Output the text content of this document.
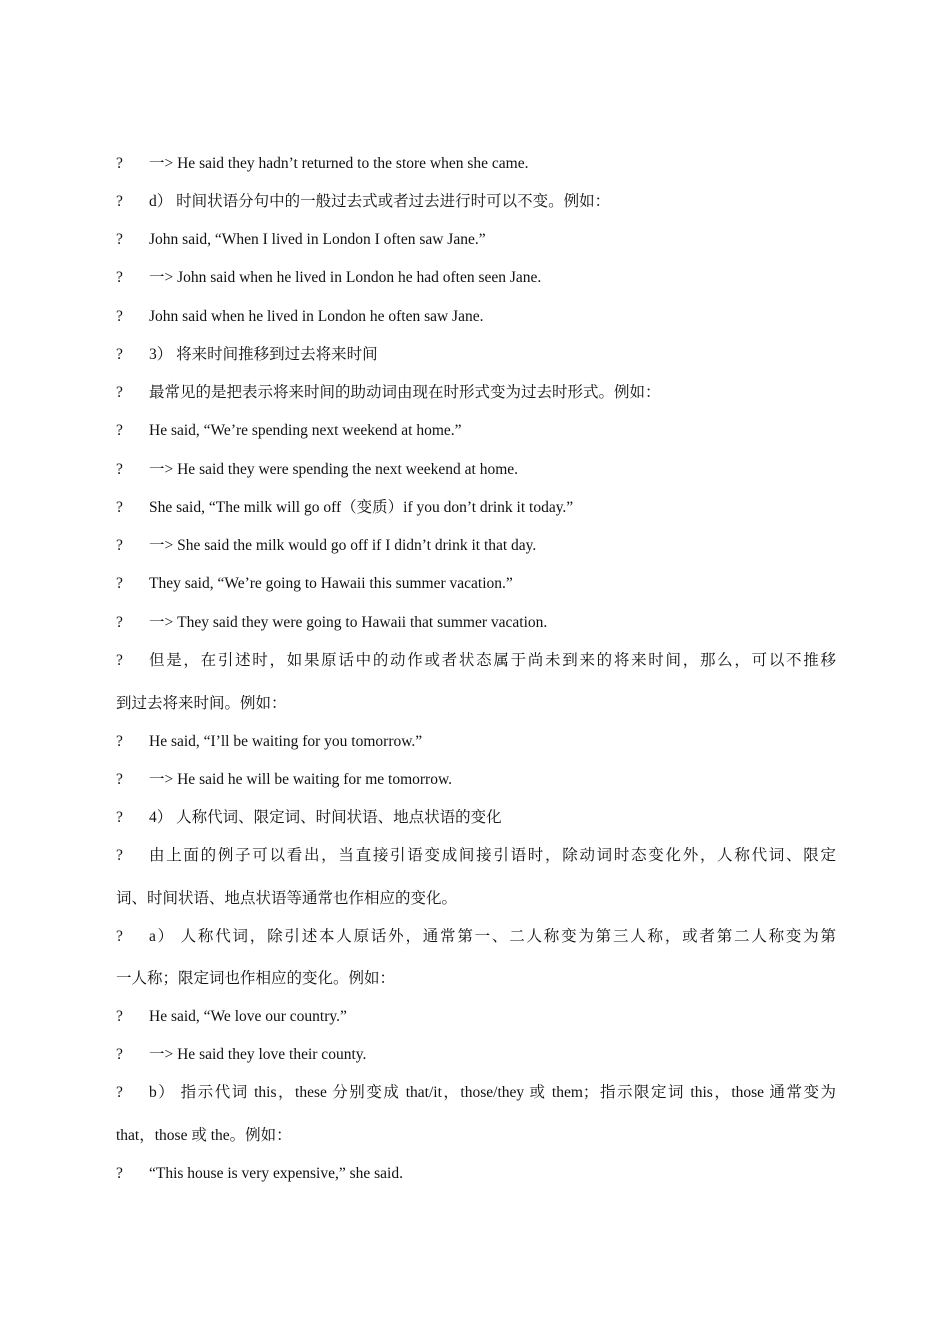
? 一> He said they hadn’t returned to the store when she came.
? d） 时间状语分句中的一般过去式或者过去进行时可以不变。例如：
? John said, “When I lived in London I often saw Jane.”
? 一> John said when he lived in London he had often seen Jane.
? John said when he lived in London he often saw Jane.
? 3） 将来时间推移到过去将来时间
? 最常见的是把表示将来时间的助动词由现在时形式变为过去时形式。例如：
? He said, “We’re spending next weekend at home.”
? 一> He said they were spending the next weekend at home.
? She said, “The milk will go off（变质）if you don’t drink it today.”
? 一> She said the milk would go off if I didn’t drink it that day.
? They said, “We’re going to Hawaii this summer vacation.”
? 一> They said they were going to Hawaii that summer vacation.
? 但是，在引述时，如果原话中的动作或者状态属于尚未到来的将来时间，那么，可以不推移
到过去将来时间。例如：
? He said, “I’ll be waiting for you tomorrow.”
? 一> He said he will be waiting for me tomorrow.
? 4） 人称代词、限定词、时间状语、地点状语的变化
? 由上面的例子可以看出，当直接引语变成间接引语时，除动词时态变化外，人称代词、限定
词、时间状语、地点状语等通常也作相应的变化。
? a） 人称代词，除引述本人原话外，通常第一、二人称变为第三人称，或者第二人称变为第
一人称；限定词也作相应的变化。例如：
? He said, “We love our country.”
? 一> He said they love their county.
? b） 指示代词 this，these 分别变成 that/it，those/they 或 them；指示限定词 this，those 通常变为
that，those 或 the。例如：
? “This house is very expensive,” she said.
